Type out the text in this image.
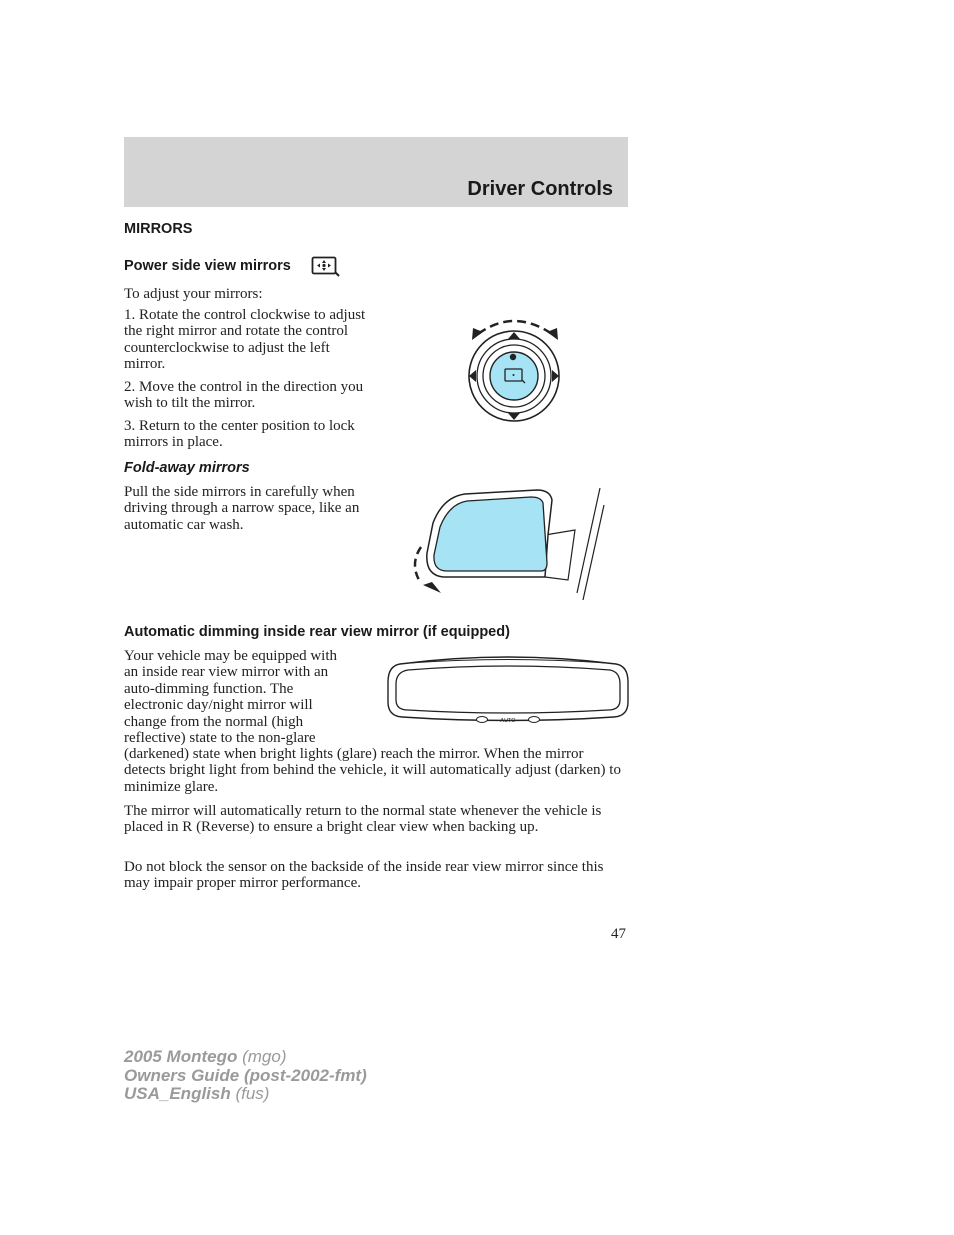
Driver Controls
MIRRORS
Power side view mirrors

To adjust your mirrors:

1. Rotate the control clockwise to adjust the right mirror and rotate the control counterclockwise to adjust the left mirror.

2. Move the control in the direction you wish to tilt the mirror.

3. Return to the center position to lock mirrors in place.

Fold-away mirrors

Pull the side mirrors in carefully when driving through a narrow space, like an automatic car wash.

Automatic dimming inside rear view mirror (if equipped)
Your vehicle may be equipped with
an inside rear view mirror with an
auto-dimming function. The
electronic day/night mirror will
change from the normal (high
reflective) state to the non-glare

(darkened) state when bright lights (glare) reach the mirror. When the mirror detects bright light from behind the vehicle, it will automatically adjust (darken) to minimize glare.

The mirror will automatically return to the normal state whenever the vehicle is placed in R (Reverse) to ensure a bright clear view when backing up.

Do not block the sensor on the backside of the inside rear view mirror since this may impair proper mirror performance.

AUTO
47
2005 Montego (mgo)
Owners Guide (post-2002-fmt)
USA_English (fus)
